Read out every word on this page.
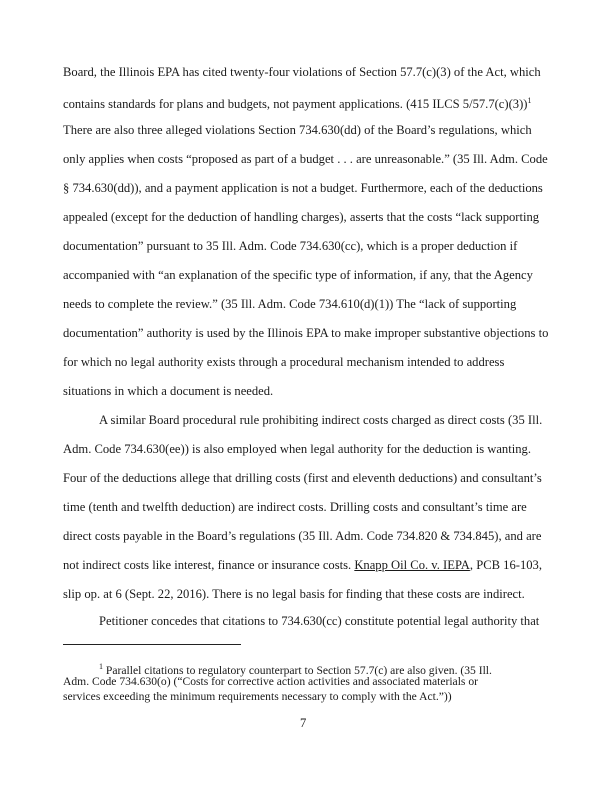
Board, the Illinois EPA has cited twenty-four violations of Section 57.7(c)(3) of the Act, which
contains standards for plans and budgets, not payment applications. (415 ILCS 5/57.7(c)(3))$^1$
There are also three alleged violations Section 734.630(dd) of the Board’s regulations, which
only applies when costs “proposed as part of a budget . . . are unreasonable.” (35 Ill. Adm. Code
§ 734.630(dd)), and a payment application is not a budget. Furthermore, each of the deductions
appealed (except for the deduction of handling charges), asserts that the costs “lack supporting
documentation” pursuant to 35 Ill. Adm. Code 734.630(cc), which is a proper deduction if
accompanied with “an explanation of the specific type of information, if any, that the Agency
needs to complete the review.” (35 Ill. Adm. Code 734.610(d)(1)) The “lack of supporting
documentation” authority is used by the Illinois EPA to make improper substantive objections to
for which no legal authority exists through a procedural mechanism intended to address
situations in which a document is needed.
A similar Board procedural rule prohibiting indirect costs charged as direct costs (35 Ill.
Adm. Code 734.630(ee)) is also employed when legal authority for the deduction is wanting.
Four of the deductions allege that drilling costs (first and eleventh deductions) and consultant’s
time (tenth and twelfth deduction) are indirect costs. Drilling costs and consultant’s time are
direct costs payable in the Board’s regulations (35 Ill. Adm. Code 734.820 & 734.845), and are
not indirect costs like interest, finance or insurance costs. Knapp Oil Co. v. IEPA, PCB 16-103,
slip op. at 6 (Sept. 22, 2016). There is no legal basis for finding that these costs are indirect.
Petitioner concedes that citations to 734.630(cc) constitute potential legal authority that
$^1$ Parallel citations to regulatory counterpart to Section 57.7(c) are also given. (35 Ill.
Adm. Code 734.630(o) (“Costs for corrective action activities and associated materials or
services exceeding the minimum requirements necessary to comply with the Act.”))
7
